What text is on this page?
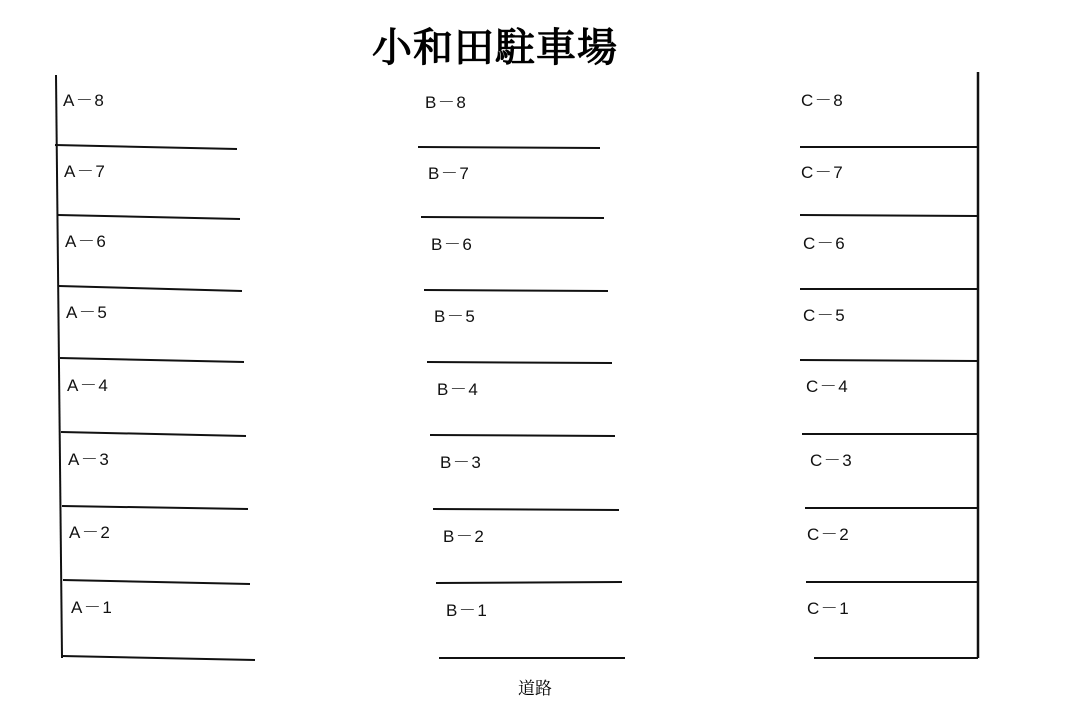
小和田駐車場
A－8
A－7
A－6
A－5
A－4
A－3
A－2
A－1
B－8
B－7
B－6
B－5
B－4
B－3
B－2
B－1
C－8
C－7
C－6
C－5
C－4
C－3
C－2
C－1
道路
